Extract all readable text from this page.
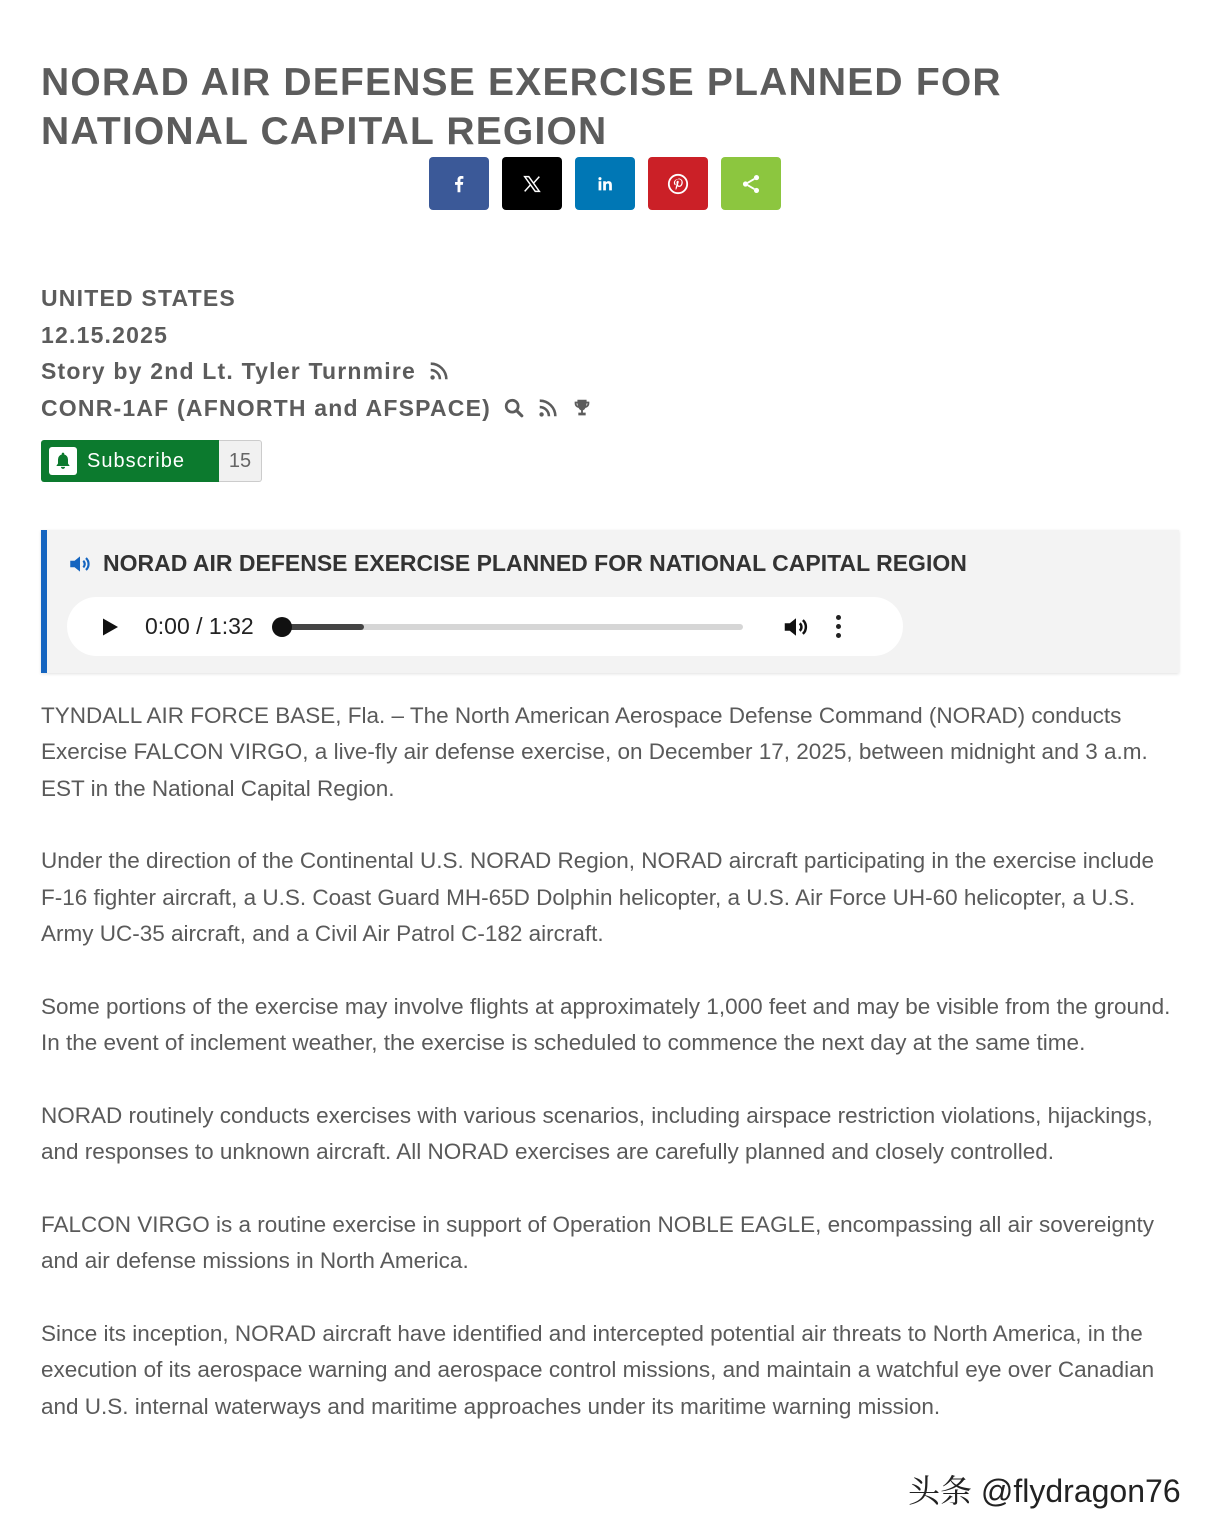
NORAD AIR DEFENSE EXERCISE PLANNED FOR NATIONAL CAPITAL REGION
UNITED STATES
12.15.2025
Story by 2nd Lt. Tyler Turnmire
CONR-1AF (AFNORTH and AFSPACE)
Subscribe	15
NORAD AIR DEFENSE EXERCISE PLANNED FOR NATIONAL CAPITAL REGION
0:00 / 1:32

TYNDALL AIR FORCE BASE, Fla. – The North American Aerospace Defense Command (NORAD) conducts Exercise FALCON VIRGO, a live-fly air defense exercise, on December 17, 2025, between midnight and 3 a.m. EST in the National Capital Region.

Under the direction of the Continental U.S. NORAD Region, NORAD aircraft participating in the exercise include F-16 fighter aircraft, a U.S. Coast Guard MH-65D Dolphin helicopter, a U.S. Air Force UH-60 helicopter, a U.S. Army UC-35 aircraft, and a Civil Air Patrol C-182 aircraft.

Some portions of the exercise may involve flights at approximately 1,000 feet and may be visible from the ground.
In the event of inclement weather, the exercise is scheduled to commence the next day at the same time.

NORAD routinely conducts exercises with various scenarios, including airspace restriction violations, hijackings, and responses to unknown aircraft. All NORAD exercises are carefully planned and closely controlled.

FALCON VIRGO is a routine exercise in support of Operation NOBLE EAGLE, encompassing all air sovereignty and air defense missions in North America.

Since its inception, NORAD aircraft have identified and intercepted potential air threats to North America, in the execution of its aerospace warning and aerospace control missions, and maintain a watchful eye over Canadian and U.S. internal waterways and maritime approaches under its maritime warning mission.

头条 @flydragon76
